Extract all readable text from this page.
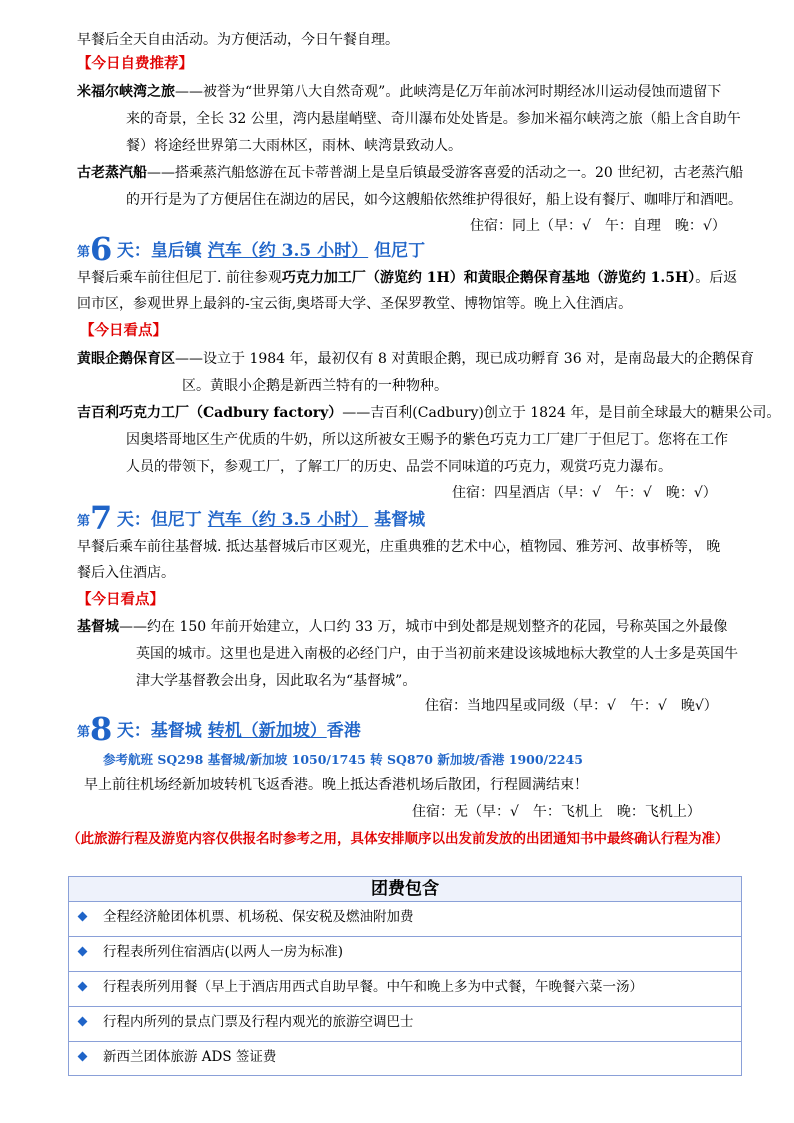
早餐后全天自由活动。为方便活动，今日午餐自理。
【今日自费推荐】
米福尔峡湾之旅——被誉为“世界第八大自然奇观”。此峡湾是亿万年前冰河时期经冰川运动侵蚀而遗留下
来的奇景，全长 32 公里，湾内悬崖峭壁、奇川瀑布处处皆是。参加米福尔峡湾之旅（船上含自助午
餐）将途经世界第二大雨林区，雨林、峡湾景致动人。
古老蒸汽船——搭乘蒸汽船悠游在瓦卡蒂普湖上是皇后镇最受游客喜爱的活动之一。20 世纪初，古老蒸汽船
的开行是为了方便居住在湖边的居民，如今这艘船依然维护得很好，船上设有餐厅、咖啡厅和酒吧。
住宿：同上（早：√　午：自理　晚：√）
第6 天：皇后镇 汽车（约 3.5 小时） 但尼丁
早餐后乘车前往但尼丁. 前往参观巧克力加工厂（游览约 1H）和黄眼企鹅保育基地（游览约 1.5H）。后返
回市区，参观世界上最斜的-宝云街,奥塔哥大学、圣保罗教堂、博物馆等。晚上入住酒店。
【今日看点】
黄眼企鹅保育区——设立于 1984 年，最初仅有 8 对黄眼企鹅，现已成功孵育 36 对，是南岛最大的企鹅保育
区。黄眼小企鹅是新西兰特有的一种物种。
吉百利巧克力工厂（Cadbury factory）——吉百利(Cadbury)创立于 1824 年，是目前全球最大的糖果公司。
因奥塔哥地区生产优质的牛奶，所以这所被女王赐予的紫色巧克力工厂建厂于但尼丁。您将在工作
人员的带领下，参观工厂，了解工厂的历史、品尝不同味道的巧克力，观赏巧克力瀑布。
住宿：四星酒店（早：√　午：√　晚：√）
第7 天：但尼丁 汽车（约 3.5 小时） 基督城
早餐后乘车前往基督城. 抵达基督城后市区观光，庄重典雅的艺术中心，植物园、雅芳河、故事桥等， 晚
餐后入住酒店。
【今日看点】
基督城——约在 150 年前开始建立，人口约 33 万，城市中到处都是规划整齐的花园，号称英国之外最像
英国的城市。这里也是进入南极的必经门户，由于当初前来建设该城地标大教堂的人士多是英国牛
津大学基督教会出身，因此取名为“基督城”。
住宿：当地四星或同级（早：√　午：√　晚√）
第8 天：基督城 转机（新加坡）香港
参考航班 SQ298 基督城/新加坡 1050/1745 转 SQ870 新加坡/香港 1900/2245
早上前往机场经新加坡转机飞返香港。晚上抵达香港机场后散团，行程圆满结束！
住宿：无（早：√　午：飞机上　晚：飞机上）
（此旅游行程及游览内容仅供报名时参考之用，具体安排顺序以出发前发放的出团通知书中最终确认行程为准）
团费包含
全程经济舱团体机票、机场税、保安税及燃油附加费
行程表所列住宿酒店(以两人一房为标准)
行程表所列用餐（早上于酒店用西式自助早餐。中午和晚上多为中式餐，午晚餐六菜一汤）
行程内所列的景点门票及行程内观光的旅游空调巴士
新西兰团体旅游 ADS 签证费
